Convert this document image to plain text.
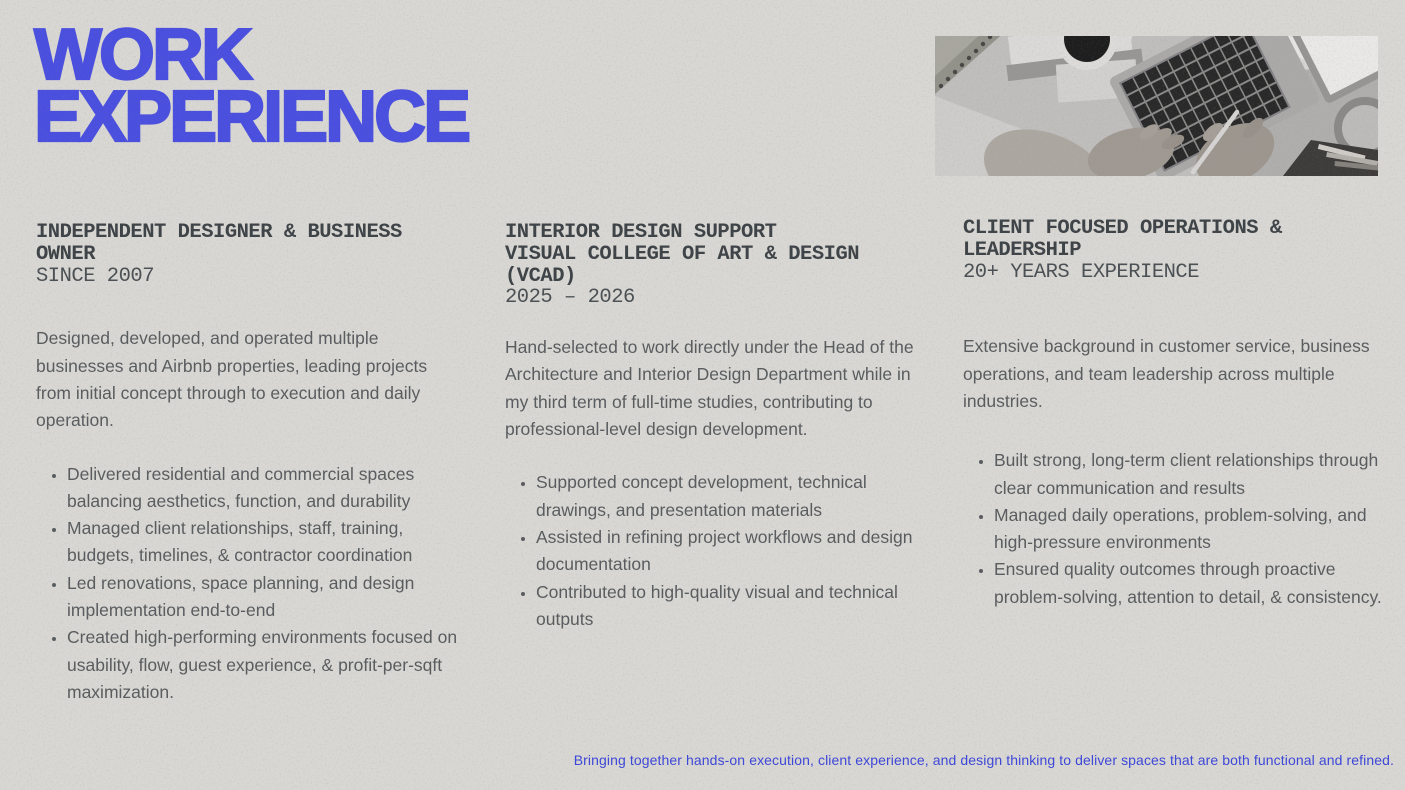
WORK
EXPERIENCE
INDEPENDENT DESIGNER & BUSINESS OWNER
SINCE 2007

Designed, developed, and operated multiple businesses and Airbnb properties, leading projects from initial concept through to execution and daily operation.

• Delivered residential and commercial spaces balancing aesthetics, function, and durability
• Managed client relationships, staff, training, budgets, timelines, & contractor coordination
• Led renovations, space planning, and design implementation end-to-end
• Created high-performing environments focused on usability, flow, guest experience, & profit-per-sqft maximization.
INTERIOR DESIGN SUPPORT
VISUAL COLLEGE OF ART & DESIGN (VCAD)
2025 – 2026

Hand-selected to work directly under the Head of the Architecture and Interior Design Department while in my third term of full-time studies, contributing to professional-level design development.

• Supported concept development, technical drawings, and presentation materials
• Assisted in refining project workflows and design documentation
• Contributed to high-quality visual and technical outputs
CLIENT FOCUSED OPERATIONS & LEADERSHIP
20+ YEARS EXPERIENCE

Extensive background in customer service, business operations, and team leadership across multiple industries.

• Built strong, long-term client relationships through clear communication and results
• Managed daily operations, problem-solving, and high-pressure environments
• Ensured quality outcomes through proactive problem-solving, attention to detail, & consistency.
Bringing together hands-on execution, client experience, and design thinking to deliver spaces that are both functional and refined.
